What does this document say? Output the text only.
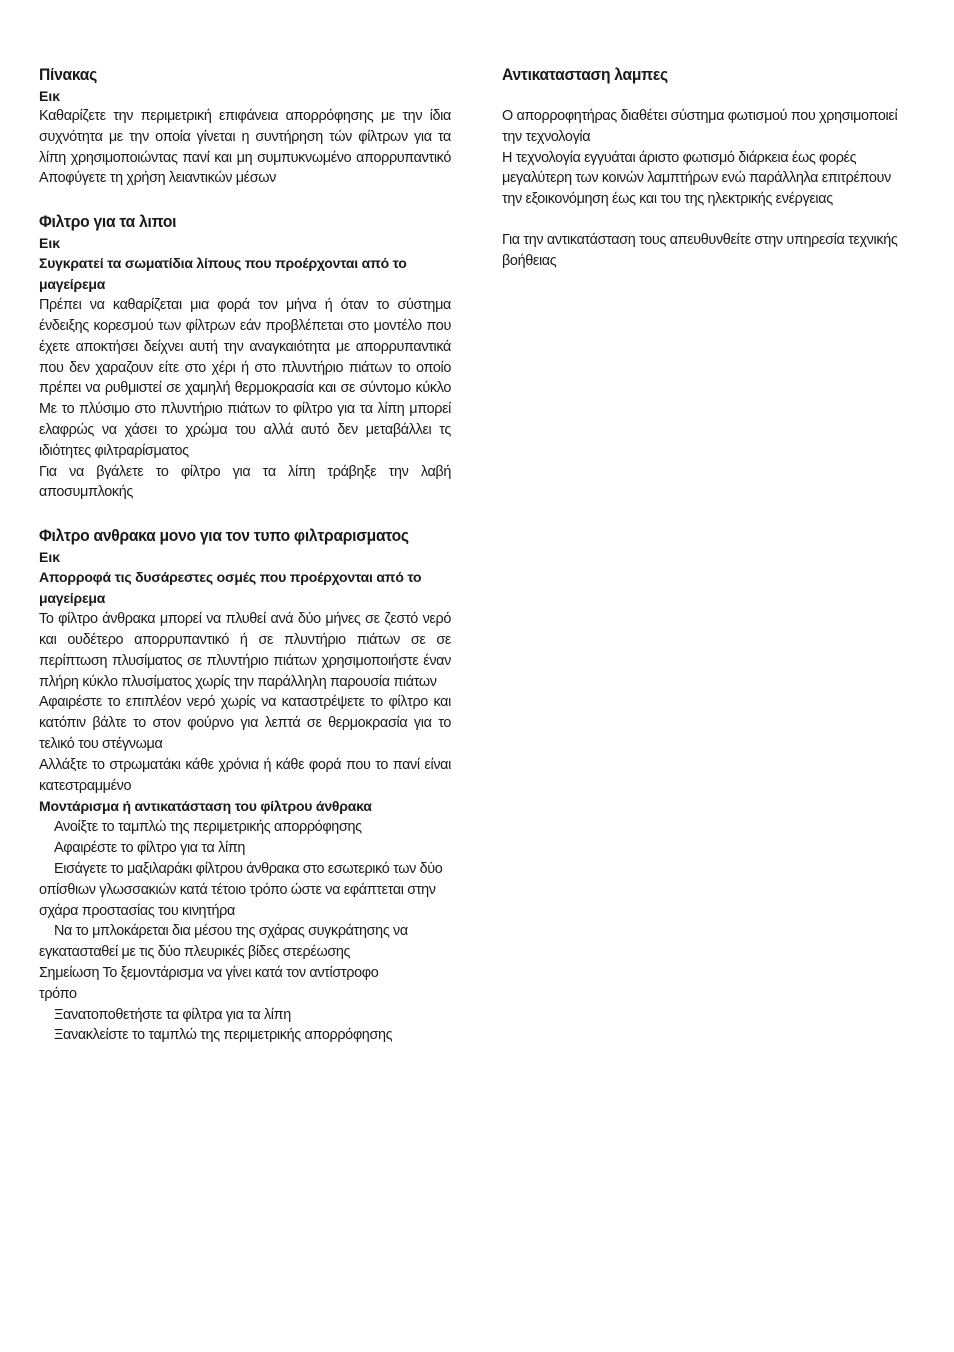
Πίνακας
Εικ

Καθαρίζετε την περιμετρική επιφάνεια απορρόφησης με την ίδια συχνότητα με την οποία γίνεται η συντήρηση τών φίλτρων για τα λίπη χρησιμοποιώντας πανί και μη συμπυκνωμένο απορρυπαντικό Αποφύγετε τη χρήση λειαντικών μέσων

Φιλτρο για τα λιποι
Εικ
Συγκρατεί τα σωματίδια λίπους που προέρχονται από το μαγείρεμα

Πρέπει να καθαρίζεται μια φορά τον μήνα ή όταν το σύστημα ένδειξης κορεσμού των φίλτρων εάν προβλέπεται στο μοντέλο που έχετε αποκτήσει δείχνει αυτή την αναγκαιότητα με απορρυπαντικά που δεν χαραζουν είτε στο χέρι ή στο πλυντήριο πιάτων το οποίο πρέπει να ρυθμιστεί σε χαμηλή θερμοκρασία και σε σύντομο κύκλο Με το πλύσιμο στο πλυντήριο πιάτων το φίλτρο για τα λίπη μπορεί ελαφρώς να χάσει το χρώμα του αλλά αυτό δεν μεταβάλλει τς ιδιότητες φιλτραρίσματος

Για να βγάλετε το φίλτρο για τα λίπη τράβηξε την λαβή αποσυμπλοκής

Φιλτρο ανθρακα μονο για τον τυπο φιλτραρισματος
Εικ
Απορροφά τις δυσάρεστες οσμές που προέρχονται από το μαγείρεμα

Το φίλτρο άνθρακα μπορεί να πλυθεί ανά δύο μήνες σε ζεστό νερό και ουδέτερο απορρυπαντικό ή σε πλυντήριο πιάτων σε σε περίπτωση πλυσίματος σε πλυντήριο πιάτων χρησιμοποιήστε έναν πλήρη κύκλο πλυσίματος χωρίς την παράλληλη παρουσία πιάτων

Αφαιρέστε το επιπλέον νερό χωρίς να καταστρέψετε το φίλτρο και κατόπιν βάλτε το στον φούρνο για λεπτά σε θερμοκρασία για το τελικό του στέγνωμα

Αλλάξτε το στρωματάκι κάθε χρόνια ή κάθε φορά που το πανί είναι κατεστραμμένο

Μοντάρισμα ή αντικατάσταση του φίλτρου άνθρακα

Ανοίξτε το ταμπλώ της περιμετρικής απορρόφησης

Αφαιρέστε το φίλτρο για τα λίπη

Εισάγετε το μαξιλαράκι φίλτρου άνθρακα στο εσωτερικό των δύο οπίσθιων γλωσσακιών κατά τέτοιο τρόπο ώστε να εφάπτεται στην σχάρα προστασίας του κινητήρα

Να το μπλοκάρεται δια μέσου της σχάρας συγκράτησης να εγκατασταθεί με τις δύο πλευρικές βίδες στερέωσης

Σημείωση Το ξεμοντάρισμα να γίνει κατά τον αντίστροφο τρόπο

Ξανατοποθετήστε τα φίλτρα για τα λίπη

Ξανακλείστε το ταμπλώ της περιμετρικής απορρόφησης

Αντικατασταση λαμπες

Ο απορροφητήρας διαθέτει σύστημα φωτισμού που χρησιμοποιεί την τεχνολογία

Η τεχνολογία εγγυάται άριστο φωτισμό διάρκεια έως φορές μεγαλύτερη των κοινών λαμπτήρων ενώ παράλληλα επιτρέπουν την εξοικονόμηση έως και του της ηλεκτρικής ενέργειας

Για την αντικατάσταση τους απευθυνθείτε στην υπηρεσία τεχνικής βοήθειας
